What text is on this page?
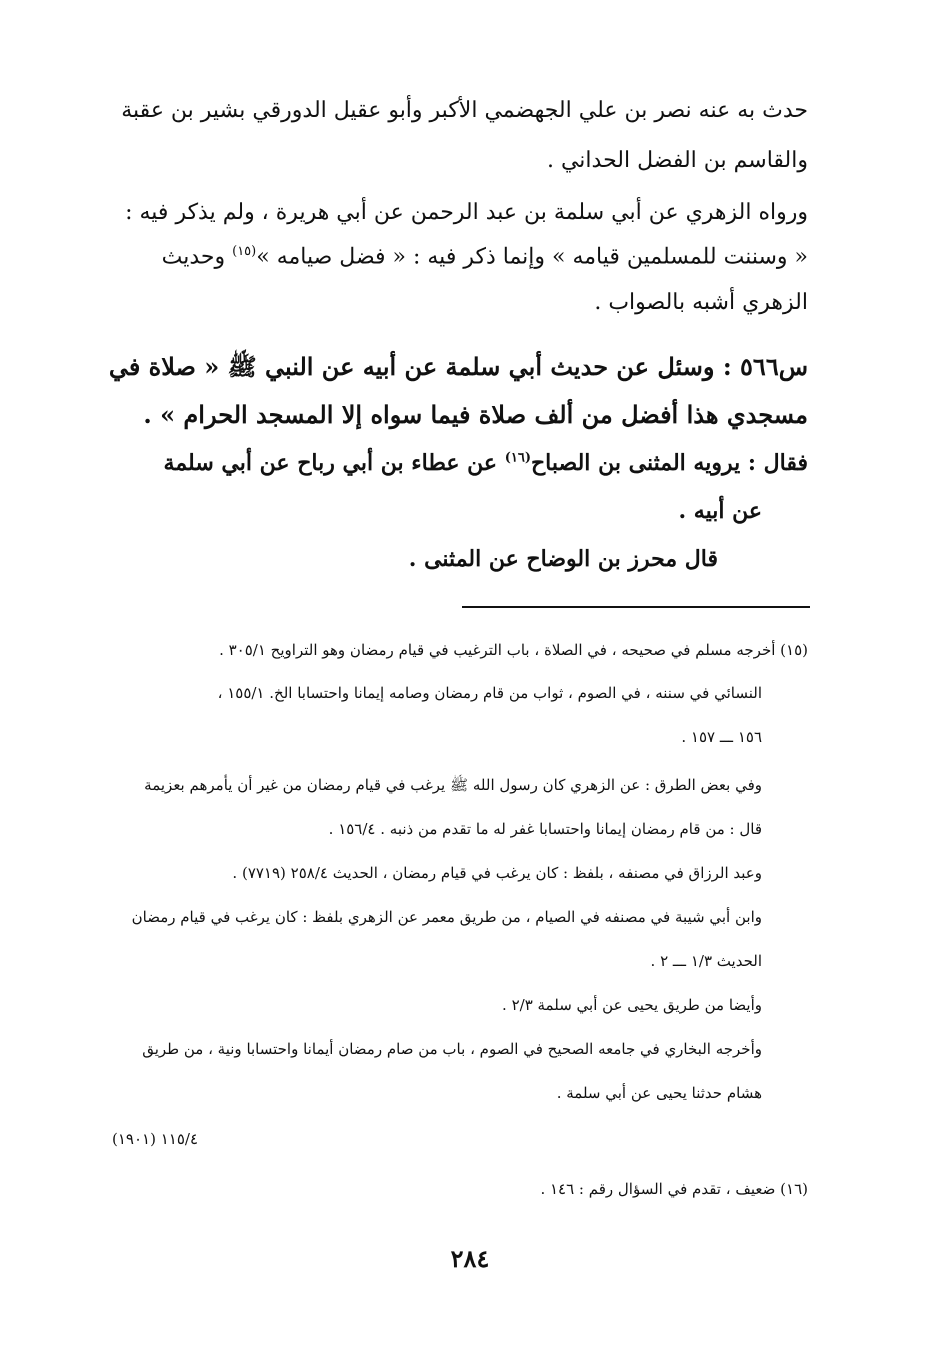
حدث به عنه نصر بن علي الجهضمي الأكبر وأبو عقيل الدورقي بشير بن عقبة
والقاسم بن الفضل الحداني .
ورواه الزهري عن أبي سلمة بن عبد الرحمن عن أبي هريرة ، ولم يذكر فيه :
« وسننت للمسلمين قيامه » وإنما ذكر فيه : « فضل صيامه »$^{(١٥)}$ وحديث
الزهري أشبه بالصواب .
س٥٦٦ : وسئل عن حديث أبي سلمة عن أبيه عن النبي ﷺ « صلاة في
مسجدي هذا أفضل من ألف صلاة فيما سواه إلا المسجد الحرام » .
فقال : يرويه المثنى بن الصباح$^{(١٦)}$ عن عطاء بن أبي رباح عن أبي سلمة
عن أبيه .
قال محرز بن الوضاح عن المثنى .
(١٥) أخرجه مسلم في صحيحه ، في الصلاة ، باب الترغيب في قيام رمضان وهو التراويح ٣٠٥/١ .
النسائي في سننه ، في الصوم ، ثواب من قام رمضان وصامه إيمانا واحتسابا الخ. ١٥٥/١ ،
١٥٦ ـــ ١٥٧ .
وفي بعض الطرق : عن الزهري كان رسول الله ﷺ يرغب في قيام رمضان من غير أن يأمرهم بعزيمة
قال : من قام رمضان إيمانا واحتسابا غفر له ما تقدم من ذنبه . ١٥٦/٤ .
وعبد الرزاق في مصنفه ، بلفظ : كان يرغب في قيام رمضان ، الحديث ٢٥٨/٤ (٧٧١٩) .
وابن أبي شيبة في مصنفه في الصيام ، من طريق معمر عن الزهري بلفظ : كان يرغب في قيام رمضان
الحديث ١/٣ ـــ ٢ .
وأيضا من طريق يحيى عن أبي سلمة ٢/٣ .
وأخرجه البخاري في جامعه الصحيح في الصوم ، باب من صام رمضان أيمانا واحتسابا ونية ، من طريق
هشام حدثنا يحيى عن أبي سلمة .
١١٥/٤ (١٩٠١)
(١٦) ضعيف ، تقدم في السؤال رقم : ١٤٦ .
٢٨٤
